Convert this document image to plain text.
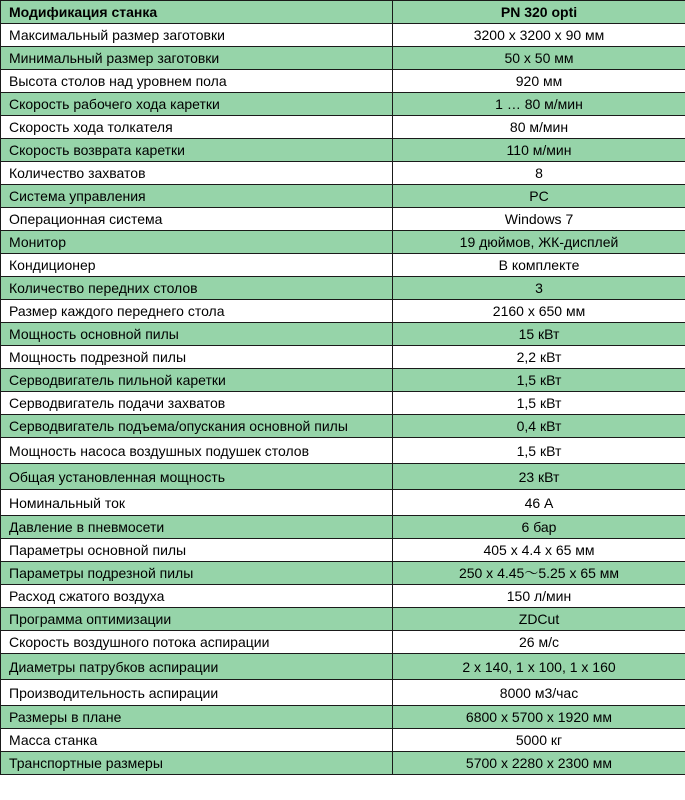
Модификация станка	PN 320 opti
Максимальный размер заготовки	3200 x 3200 x 90 мм
Минимальный размер заготовки	50 x 50 мм
Высота столов над уровнем пола	920 мм
Скорость рабочего хода каретки	1 … 80 м/мин
Скорость хода толкателя	80 м/мин
Скорость возврата каретки	110 м/мин
Количество захватов	8
Система управления	PC
Операционная система	Windows 7
Монитор	19 дюймов, ЖК-дисплей
Кондиционер	В комплекте
Количество передних столов	3
Размер каждого переднего стола	2160 x 650 мм
Мощность основной пилы	15 кВт
Мощность подрезной пилы	2,2 кВт
Серводвигатель пильной каретки	1,5 кВт
Серводвигатель подачи захватов	1,5 кВт
Серводвигатель подъема/опускания основной пилы	0,4 кВт
Мощность насоса воздушных подушек столов	1,5 кВт
Общая установленная мощность	23 кВт
Номинальный ток	46 А
Давление в пневмосети	6 бар
Параметры основной пилы	405 x 4.4 x 65 мм
Параметры подрезной пилы	250 x 4.45～5.25 x 65 мм
Расход сжатого воздуха	150 л/мин
Программа оптимизации	ZDCut
Скорость воздушного потока аспирации	26 м/с
Диаметры патрубков аспирации	2 x 140, 1 x 100, 1 x 160
Производительность аспирации	8000 м3/час
Размеры в плане	6800 x 5700 x 1920 мм
Масса станка	5000 кг
Транспортные размеры	5700 x 2280 x 2300 мм
